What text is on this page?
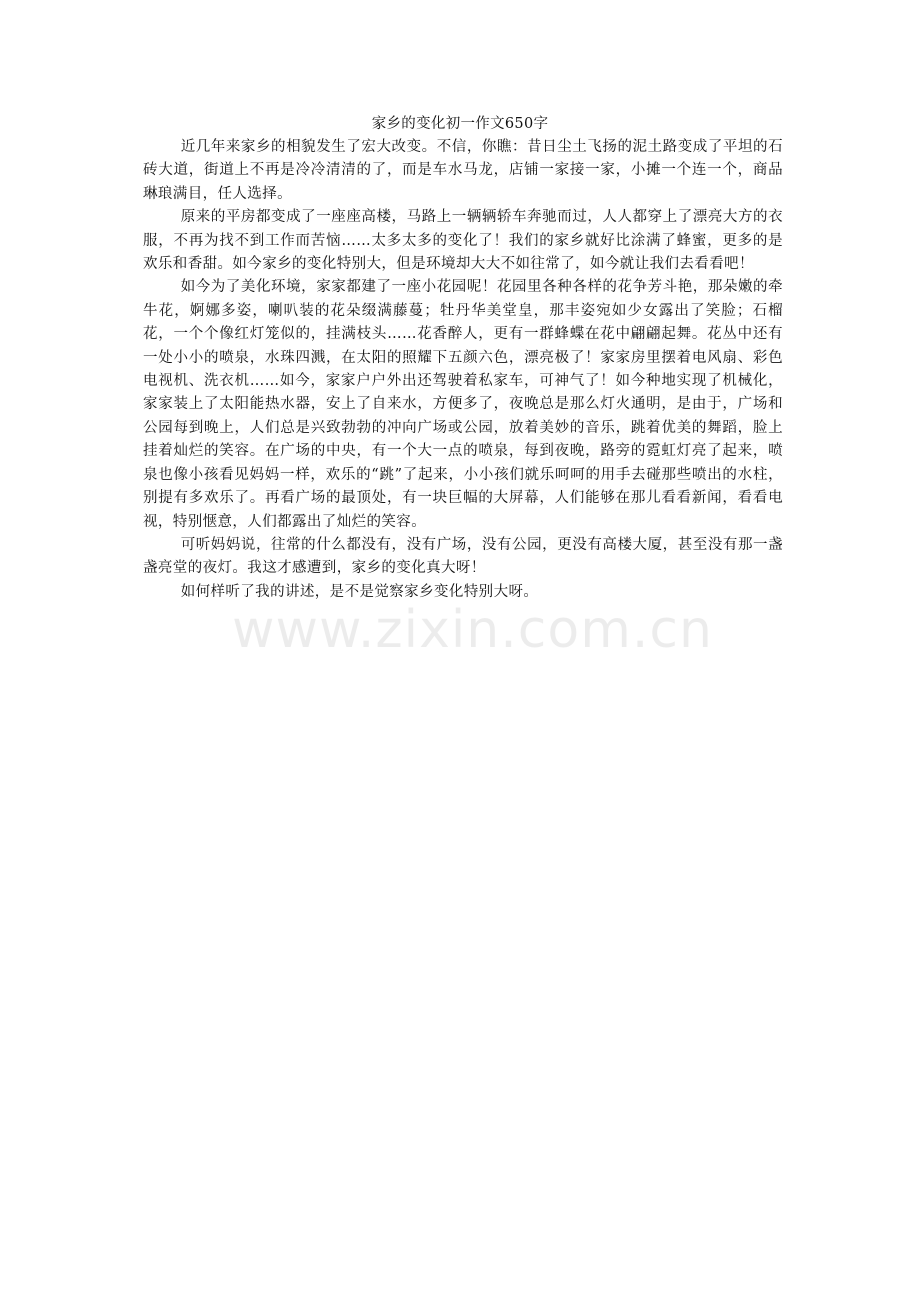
家乡的变化初一作文650字

近几年来家乡的相貌发生了宏大改变。不信，你瞧：昔日尘土飞扬的泥土路变成了平坦的石砖大道，街道上不再是冷冷清清的了，而是车水马龙，店铺一家接一家，小摊一个连一个，商品琳琅满目，任人选择。

原来的平房都变成了一座座高楼，马路上一辆辆轿车奔驰而过，人人都穿上了漂亮大方的衣服，不再为找不到工作而苦恼……太多太多的变化了！我们的家乡就好比涂满了蜂蜜，更多的是欢乐和香甜。如今家乡的变化特别大，但是环境却大大不如往常了，如今就让我们去看看吧！

如今为了美化环境，家家都建了一座小花园呢！花园里各种各样的花争芳斗艳，那朵嫩的牵牛花，婀娜多姿，喇叭装的花朵缀满藤蔓；牡丹华美堂皇，那丰姿宛如少女露出了笑脸；石榴花，一个个像红灯笼似的，挂满枝头……花香醉人，更有一群蜂蝶在花中翩翩起舞。花丛中还有一处小小的喷泉，水珠四溅，在太阳的照耀下五颜六色，漂亮极了！家家房里摆着电风扇、彩色电视机、洗衣机……如今，家家户户外出还驾驶着私家车，可神气了！如今种地实现了机械化，家家装上了太阳能热水器，安上了自来水，方便多了，夜晚总是那么灯火通明，是由于，广场和公园每到晚上，人们总是兴致勃勃的冲向广场或公园，放着美妙的音乐，跳着优美的舞蹈，脸上挂着灿烂的笑容。在广场的中央，有一个大一点的喷泉，每到夜晚，路旁的霓虹灯亮了起来，喷泉也像小孩看见妈妈一样，欢乐的“跳”了起来，小小孩们就乐呵呵的用手去碰那些喷出的水柱，别提有多欢乐了。再看广场的最顶处，有一块巨幅的大屏幕，人们能够在那儿看看新闻，看看电视，特别惬意，人们都露出了灿烂的笑容。

可听妈妈说，往常的什么都没有，没有广场，没有公园，更没有高楼大厦，甚至没有那一盏盏亮堂的夜灯。我这才感遭到，家乡的变化真大呀！

如何样听了我的讲述，是不是觉察家乡变化特别大呀。

www.zixin.com.cn
